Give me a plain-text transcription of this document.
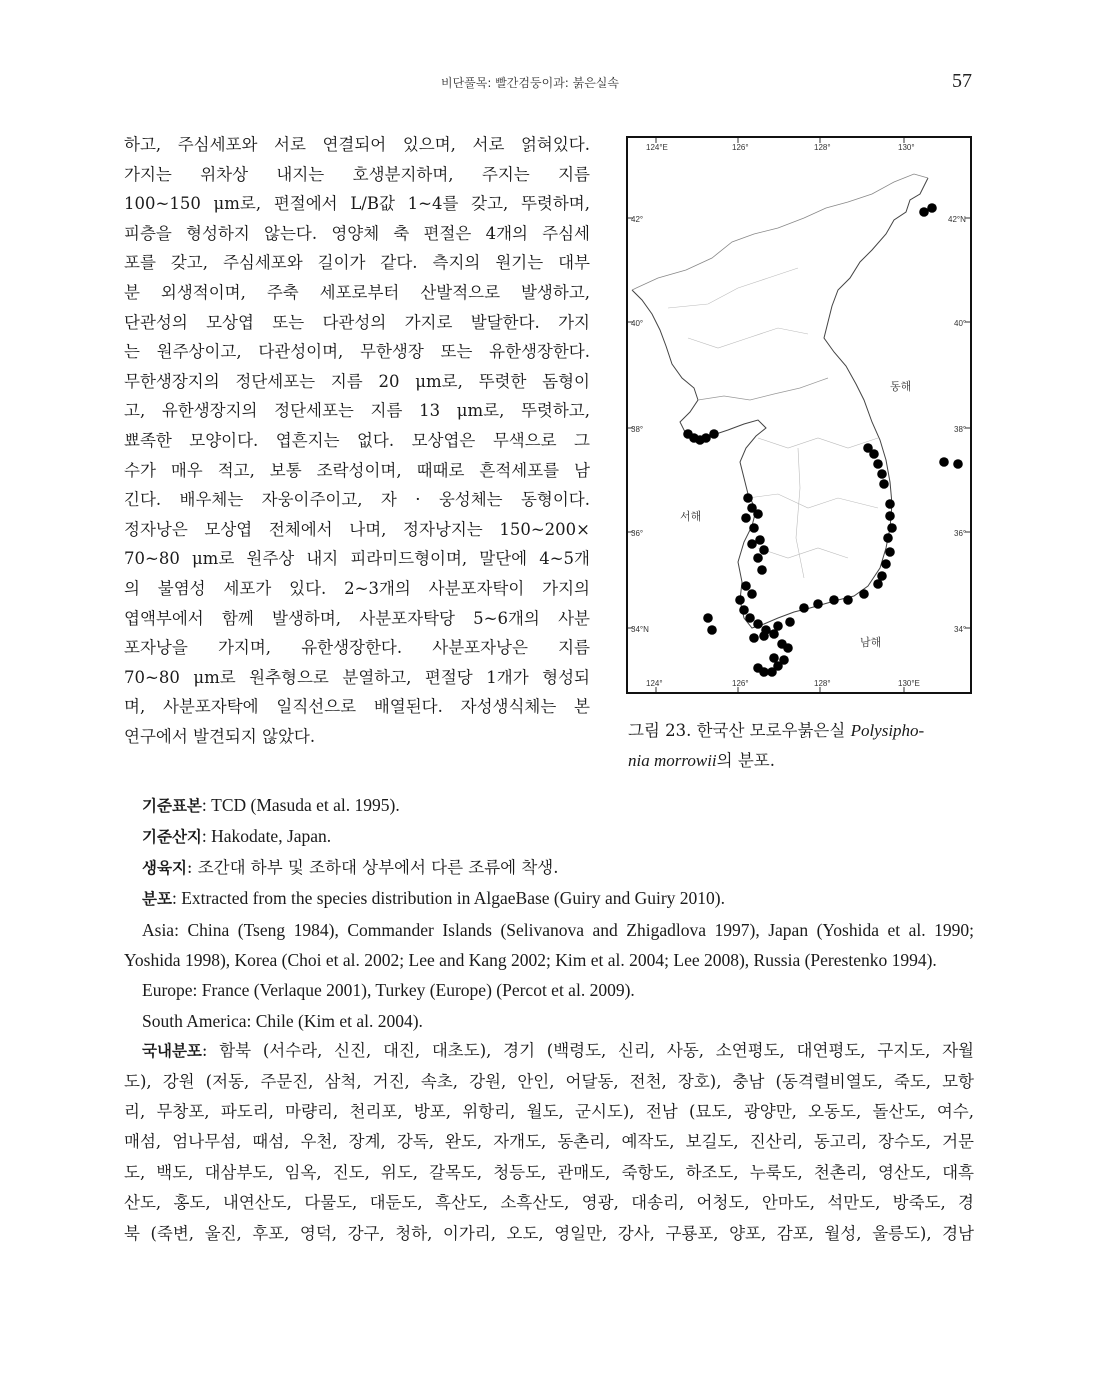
비단풀목: 빨간검둥이과: 붉은실속	57
하고, 주심세포와 서로 연결되어 있으며, 서로 얽혀있다.
가지는 위차상 내지는 호생분지하며, 주지는 지름
100~150 μm로, 편절에서 L/B값 1~4를 갖고, 뚜렷하며,
피층을 형성하지 않는다. 영양체 축 편절은 4개의 주심세
포를 갖고, 주심세포와 길이가 같다. 측지의 원기는 대부
분 외생적이며, 주축 세포로부터 산발적으로 발생하고,
단관성의 모상엽 또는 다관성의 가지로 발달한다. 가지
는 원주상이고, 다관성이며, 무한생장 또는 유한생장한다.
무한생장지의 정단세포는 지름 20 μm로, 뚜렷한 돔형이
고, 유한생장지의 정단세포는 지름 13 μm로, 뚜렷하고,
뾰족한 모양이다. 엽흔지는 없다. 모상엽은 무색으로 그
수가 매우 적고, 보통 조락성이며, 때때로 흔적세포를 남
긴다. 배우체는 자웅이주이고, 자 · 웅성체는 동형이다.
정자낭은 모상엽 전체에서 나며, 정자낭지는 150~200×
70~80 μm로 원주상 내지 피라미드형이며, 말단에 4~5개
의 불염성 세포가 있다. 2~3개의 사분포자탁이 가지의
엽액부에서 함께 발생하며, 사분포자탁당 5~6개의 사분
포자낭을 가지며, 유한생장한다. 사분포자낭은 지름
70~80 μm로 원추형으로 분열하고, 편절당 1개가 형성되
며, 사분포자탁에 일직선으로 배열된다. 자성생식체는 본
연구에서 발견되지 않았다.
124°E	126°	128°	130°
124°	126°	128°	130°E
42°
40°
38°
36°
34°N
42°N
40°
38°
36°
34°
동해
서해
남해
그림 23. 한국산 모로우붉은실 Polysipho-
nia morrowii의 분포.

기준표본: TCD (Masuda et al. 1995).

기준산지: Hakodate, Japan.

생육지: 조간대 하부 및 조하대 상부에서 다른 조류에 착생.

분포: Extracted from the species distribution in AlgaeBase (Guiry and Guiry 2010).

Asia: China (Tseng 1984), Commander Islands (Selivanova and Zhigadlova 1997), Japan (Yoshida et al. 1990; Yoshida 1998), Korea (Choi et al. 2002; Lee and Kang 2002; Kim et al. 2004; Lee 2008), Russia (Perestenko 1994).

Europe: France (Verlaque 2001), Turkey (Europe) (Percot et al. 2009).

South America: Chile (Kim et al. 2004).

국내분포: 함북 (서수라, 신진, 대진, 대초도), 경기 (백령도, 신리, 사동, 소연평도, 대연평도, 구지도, 자월
도), 강원 (저동, 주문진, 삼척, 거진, 속초, 강원, 안인, 어달동, 전천, 장호), 충남 (동격렬비열도, 죽도, 모항
리, 무창포, 파도리, 마량리, 천리포, 방포, 위항리, 월도, 군시도), 전남 (묘도, 광양만, 오동도, 돌산도, 여수,
매섬, 엄나무섬, 때섬, 우천, 장계, 강독, 완도, 자개도, 동촌리, 예작도, 보길도, 진산리, 동고리, 장수도, 거문
도, 백도, 대삼부도, 임옥, 진도, 위도, 갈목도, 청등도, 관매도, 죽항도, 하조도, 누룩도, 천촌리, 영산도, 대흑
산도, 홍도, 내연산도, 다물도, 대둔도, 흑산도, 소흑산도, 영광, 대송리, 어청도, 안마도, 석만도, 방죽도, 경
북 (죽변, 울진, 후포, 영덕, 강구, 청하, 이가리, 오도, 영일만, 강사, 구룡포, 양포, 감포, 월성, 울릉도), 경남
